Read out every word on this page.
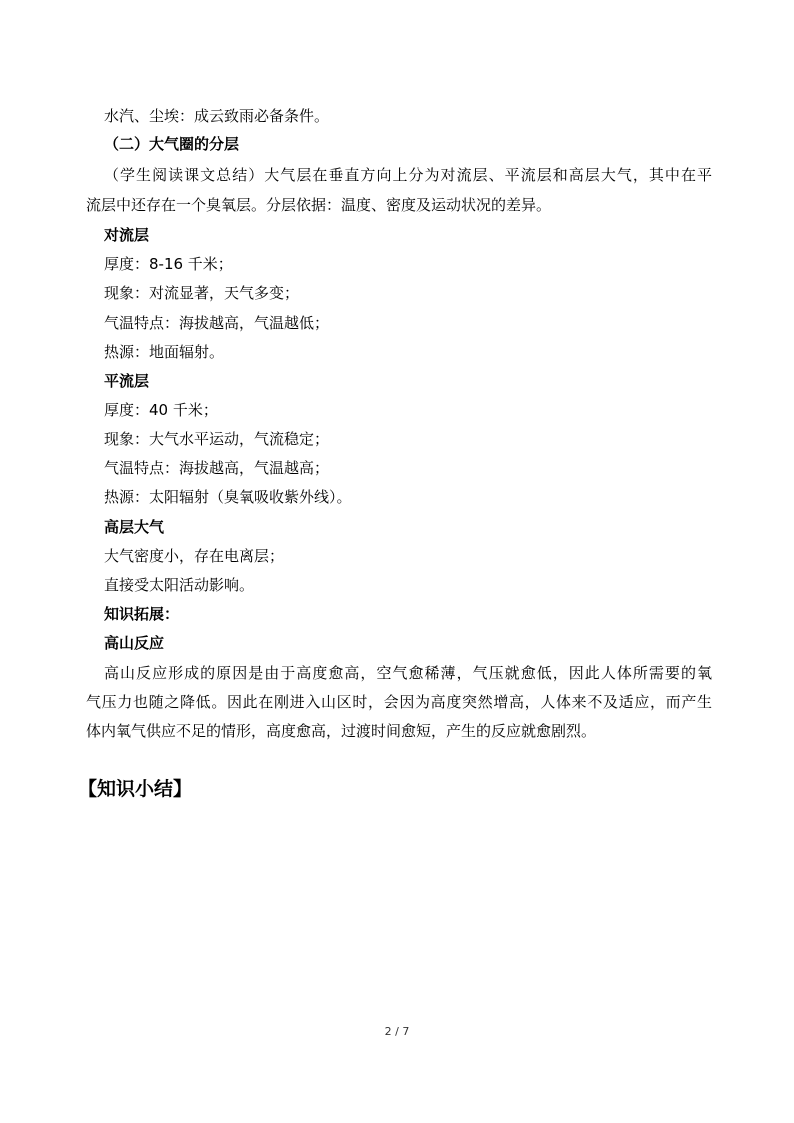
水汽、尘埃：成云致雨必备条件。
（二）大气圈的分层
（学生阅读课文总结）大气层在垂直方向上分为对流层、平流层和高层大气，其中在平
流层中还存在一个臭氧层。分层依据：温度、密度及运动状况的差异。
对流层
厚度：8-16 千米；
现象：对流显著，天气多变；
气温特点：海拔越高，气温越低；
热源：地面辐射。
平流层
厚度：40 千米；
现象：大气水平运动，气流稳定；
气温特点：海拔越高，气温越高；
热源：太阳辐射（臭氧吸收紫外线）。
高层大气
大气密度小，存在电离层；
直接受太阳活动影响。
知识拓展：
高山反应
高山反应形成的原因是由于高度愈高，空气愈稀薄，气压就愈低，因此人体所需要的氧
气压力也随之降低。因此在刚进入山区时，会因为高度突然增高，人体来不及适应，而产生
体内氧气供应不足的情形，高度愈高，过渡时间愈短，产生的反应就愈剧烈。
【知识小结】
2 / 7
